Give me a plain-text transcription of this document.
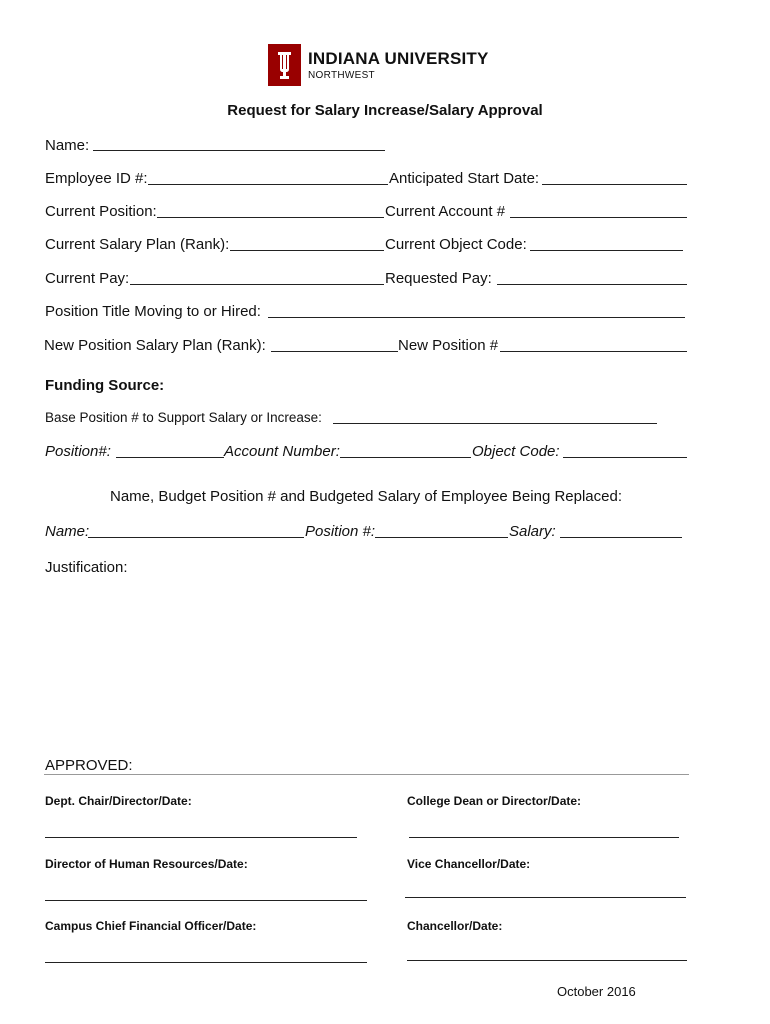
INDIANA UNIVERSITY
NORTHWEST
Request for Salary Increase/Salary Approval
Name:
Employee ID #:	Anticipated Start Date:
Current Position:	Current Account #
Current Salary Plan (Rank):	Current Object Code:
Current Pay:	Requested Pay:
Position Title Moving to or Hired:
New Position Salary Plan (Rank):	New Position #
Funding Source:
Base Position # to Support Salary or Increase:
Position#:	Account Number:	Object Code:
Name, Budget Position # and Budgeted Salary of Employee Being Replaced:
Name:	Position #:	Salary:
Justification:
APPROVED:
Dept. Chair/Director/Date:	College Dean or Director/Date:
Director of Human Resources/Date:	Vice Chancellor/Date:
Campus Chief Financial Officer/Date:	Chancellor/Date:
October 2016
